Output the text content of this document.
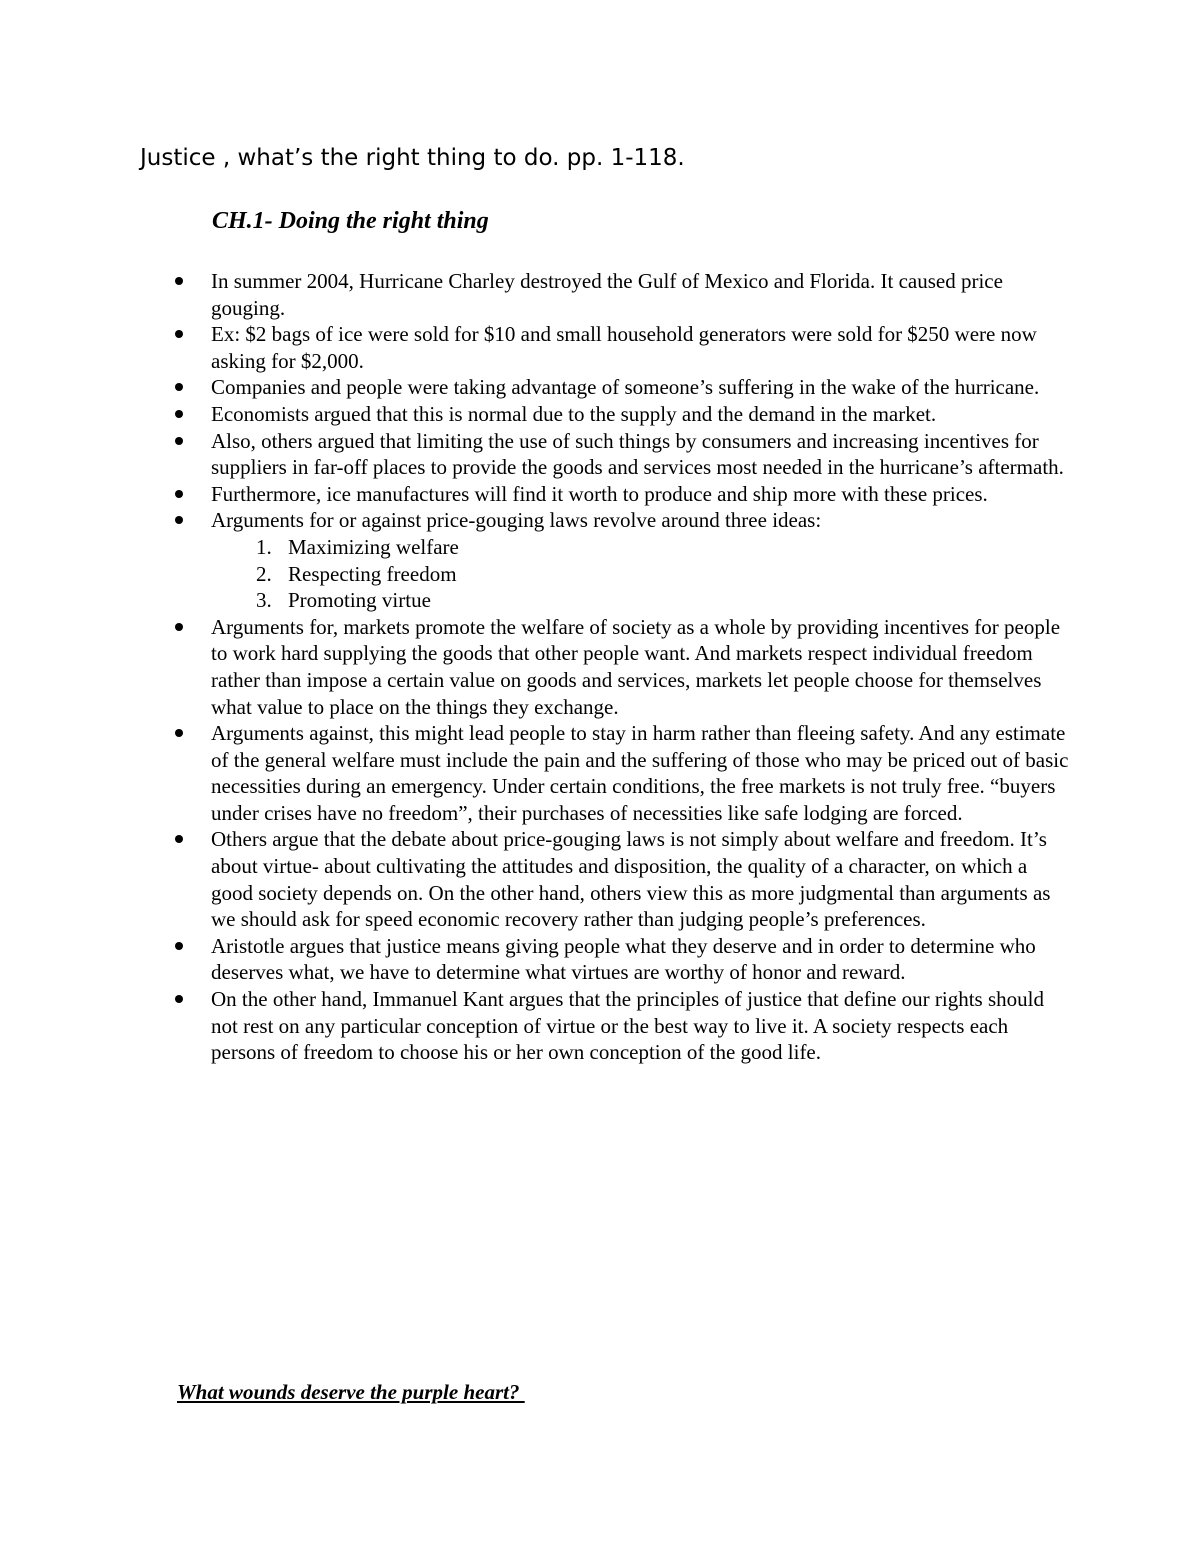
Justice , what’s the right thing to do. pp. 1-118.
CH.1- Doing the right thing
In summer 2004, Hurricane Charley destroyed the Gulf of Mexico and Florida. It caused price gouging.
Ex: $2 bags of ice were sold for $10 and small household generators were sold for $250 were now asking for $2,000.
Companies and people were taking advantage of someone’s suffering in the wake of the hurricane.
Economists argued that this is normal due to the supply and the demand in the market.
Also, others argued that limiting the use of such things by consumers and increasing incentives for suppliers in far-off places to provide the goods and services most needed in the hurricane’s aftermath.
Furthermore, ice manufactures will find it worth to produce and ship more with these prices.
Arguments for or against price-gouging laws revolve around three ideas:
1. Maximizing welfare
2. Respecting freedom
3. Promoting virtue
Arguments for, markets promote the welfare of society as a whole by providing incentives for people to work hard supplying the goods that other people want. And markets respect individual freedom rather than impose a certain value on goods and services, markets let people choose for themselves what value to place on the things they exchange.
Arguments against, this might lead people to stay in harm rather than fleeing safety. And any estimate of the general welfare must include the pain and the suffering of those who may be priced out of basic necessities during an emergency. Under certain conditions, the free markets is not truly free. “buyers under crises have no freedom”, their purchases of necessities like safe lodging are forced.
Others argue that the debate about price-gouging laws is not simply about welfare and freedom. It’s about virtue- about cultivating the attitudes and disposition, the quality of a character, on which a good society depends on. On the other hand, others view this as more judgmental than arguments as we should ask for speed economic recovery rather than judging people’s preferences.
Aristotle argues that justice means giving people what they deserve and in order to determine who deserves what, we have to determine what virtues are worthy of honor and reward.
On the other hand, Immanuel Kant argues that the principles of justice that define our rights should not rest on any particular conception of virtue or the best way to live it. A society respects each persons of freedom to choose his or her own conception of the good life.
What wounds deserve the purple heart?
